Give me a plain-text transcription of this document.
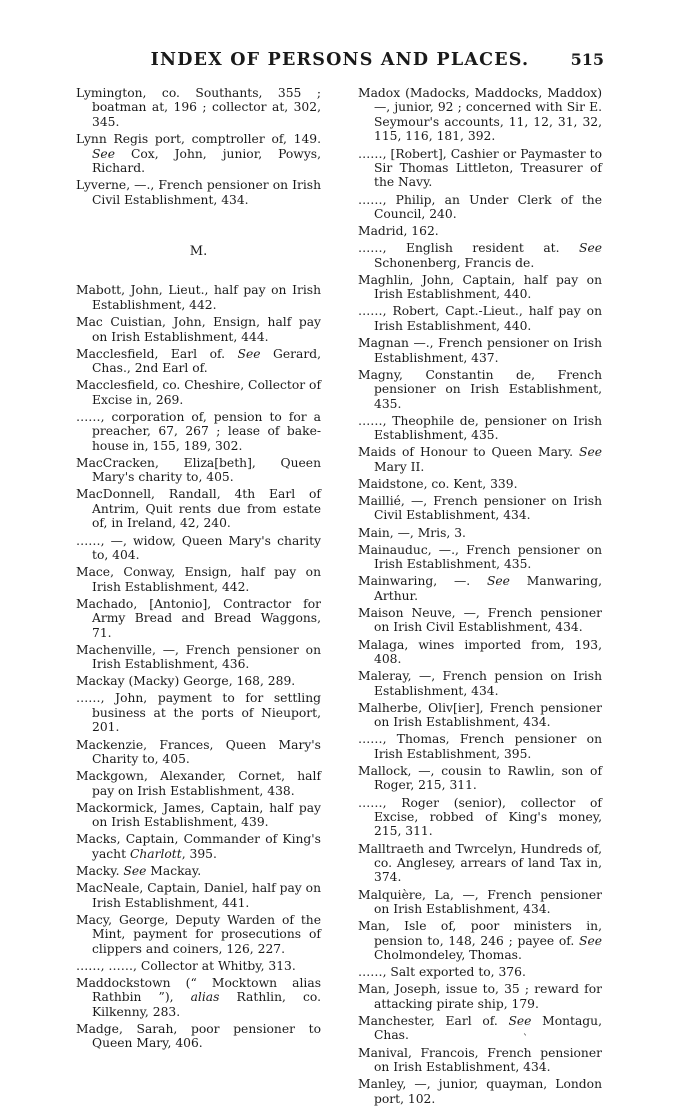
INDEX OF PERSONS AND PLACES.	515
Lymington, co. Southants, 355 ; boatman at, 196 ; collector at, 302, 345.
Lynn Regis port, comptroller of, 149. See Cox, John, junior, Powys, Richard.
Lyverne, —., French pensioner on Irish Civil Establishment, 434.
M.
Mabott, John, Lieut., half pay on Irish Establishment, 442.
Mac Cuistian, John, Ensign, half pay on Irish Establishment, 444.
Macclesfield, Earl of. See Gerard, Chas., 2nd Earl of.
Macclesfield, co. Cheshire, Collector of Excise in, 269.
……, corporation of, pension to for a preacher, 67, 267 ; lease of bake-house in, 155, 189, 302.
MacCracken, Eliza[beth], Queen Mary's charity to, 405.
MacDonnell, Randall, 4th Earl of Antrim, Quit rents due from estate of, in Ireland, 42, 240.
……, —, widow, Queen Mary's charity to, 404.
Mace, Conway, Ensign, half pay on Irish Establishment, 442.
Machado, [Antonio], Contractor for Army Bread and Bread Waggons, 71.
Machenville, —, French pensioner on Irish Establishment, 436.
Mackay (Macky) George, 168, 289.
……, John, payment to for settling business at the ports of Nieuport, 201.
Mackenzie, Frances, Queen Mary's Charity to, 405.
Mackgown, Alexander, Cornet, half pay on Irish Establishment, 438.
Mackormick, James, Captain, half pay on Irish Establishment, 439.
Macks, Captain, Commander of King's yacht Charlott, 395.
Macky. See Mackay.
MacNeale, Captain, Daniel, half pay on Irish Establishment, 441.
Macy, George, Deputy Warden of the Mint, payment for prosecutions of clippers and coiners, 126, 227.
……, ……, Collector at Whitby, 313.
Maddockstown (“ Mocktown alias Rathbin ”), alias Rathlin, co. Kilkenny, 283.
Madge, Sarah, poor pensioner to Queen Mary, 406.
Madox (Madocks, Maddocks, Maddox) —, junior, 92 ; concerned with Sir E. Seymour's accounts, 11, 12, 31, 32, 115, 116, 181, 392.
……, [Robert], Cashier or Paymaster to Sir Thomas Littleton, Treasurer of the Navy.
……, Philip, an Under Clerk of the Council, 240.
Madrid, 162.
……, English resident at. See Schonenberg, Francis de.
Maghlin, John, Captain, half pay on Irish Establishment, 440.
……, Robert, Capt.-Lieut., half pay on Irish Establishment, 440.
Magnan —., French pensioner on Irish Establishment, 437.
Magny, Constantin de, French pensioner on Irish Establishment, 435.
……, Theophile de, pensioner on Irish Establishment, 435.
Maids of Honour to Queen Mary. See Mary II.
Maidstone, co. Kent, 339.
Maillié, —, French pensioner on Irish Civil Establishment, 434.
Main, —, Mris, 3.
Mainauduc, —., French pensioner on Irish Establishment, 435.
Mainwaring, —. See Manwaring, Arthur.
Maison Neuve, —, French pensioner on Irish Civil Establishment, 434.
Malaga, wines imported from, 193, 408.
Maleray, —, French pension on Irish Establishment, 434.
Malherbe, Oliv[ier], French pensioner on Irish Establishment, 434.
……, Thomas, French pensioner on Irish Establishment, 395.
Mallock, —, cousin to Rawlin, son of Roger, 215, 311.
……, Roger (senior), collector of Excise, robbed of King's money, 215, 311.
Malltraeth and Twrcelyn, Hundreds of, co. Anglesey, arrears of land Tax in, 374.
Malquière, La, —, French pensioner on Irish Establishment, 434.
Man, Isle of, poor ministers in, pension to, 148, 246 ; payee of. See Cholmondeley, Thomas.
……, Salt exported to, 376.
Man, Joseph, issue to, 35 ; reward for attacking pirate ship, 179.
Manchester, Earl of. See Montagu, Chas.
Manival, Francois, French pensioner on Irish Establishment, 434.
Manley, —, junior, quayman, London port, 102.
`
